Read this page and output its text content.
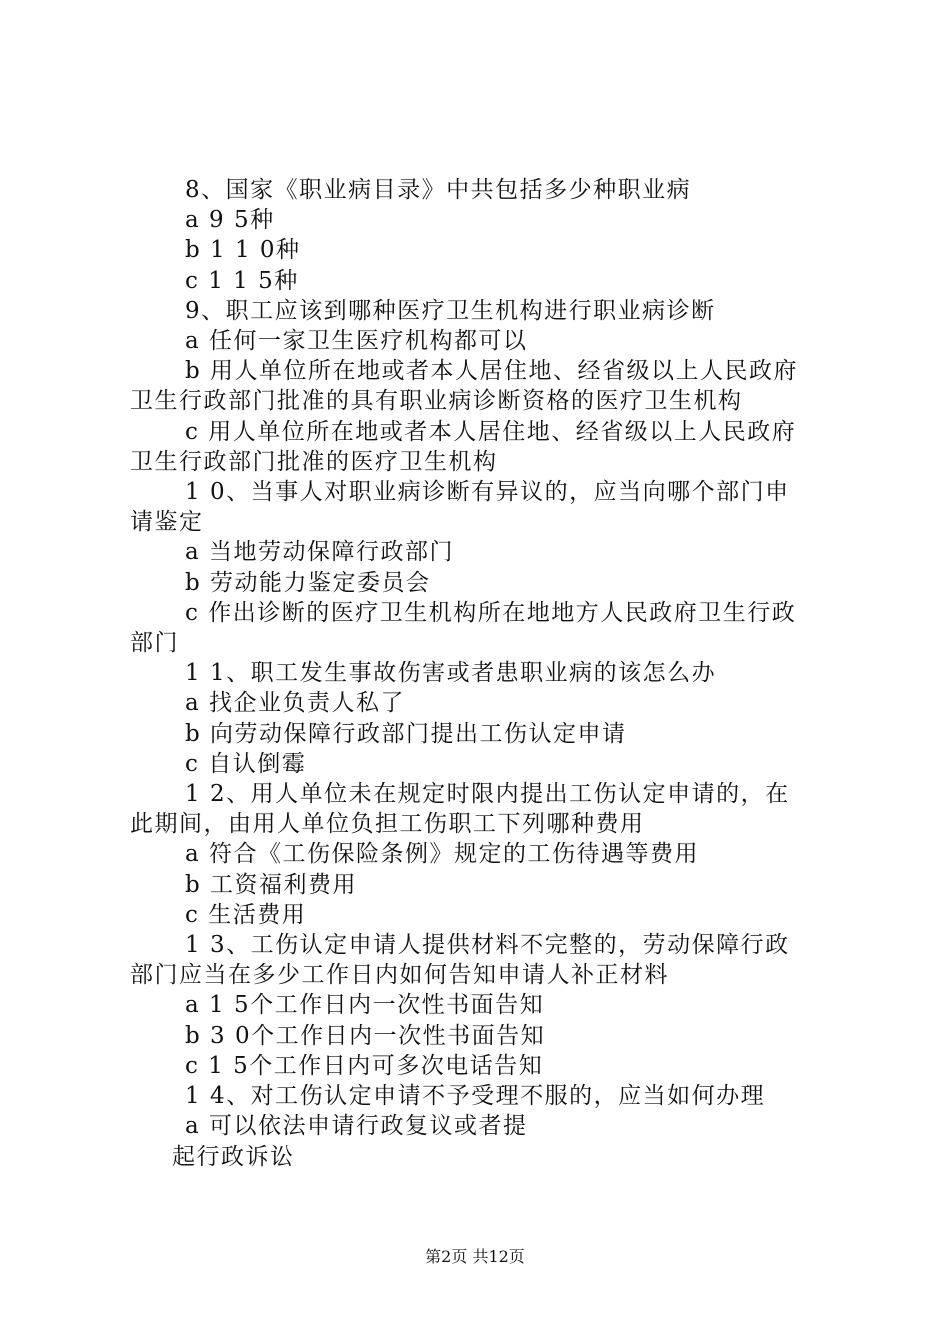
8、国家《职业病目录》中共包括多少种职业病
a 9 5种
b 1 1 0种
c 1 1 5种
9、职工应该到哪种医疗卫生机构进行职业病诊断
a 任何一家卫生医疗机构都可以
b 用人单位所在地或者本人居住地、经省级以上人民政府
卫生行政部门批准的具有职业病诊断资格的医疗卫生机构
c 用人单位所在地或者本人居住地、经省级以上人民政府
卫生行政部门批准的医疗卫生机构
1 0、当事人对职业病诊断有异议的，应当向哪个部门申
请鉴定
a 当地劳动保障行政部门
b 劳动能力鉴定委员会
c 作出诊断的医疗卫生机构所在地地方人民政府卫生行政
部门
1 1、职工发生事故伤害或者患职业病的该怎么办
a 找企业负责人私了
b 向劳动保障行政部门提出工伤认定申请
c 自认倒霉
1 2、用人单位未在规定时限内提出工伤认定申请的，在
此期间，由用人单位负担工伤职工下列哪种费用
a 符合《工伤保险条例》规定的工伤待遇等费用
b 工资福利费用
c 生活费用
1 3、工伤认定申请人提供材料不完整的，劳动保障行政
部门应当在多少工作日内如何告知申请人补正材料
a 1 5个工作日内一次性书面告知
b 3 0个工作日内一次性书面告知
c 1 5个工作日内可多次电话告知
1 4、对工伤认定申请不予受理不服的，应当如何办理
a 可以依法申请行政复议或者提
起行政诉讼
第2页 共12页
